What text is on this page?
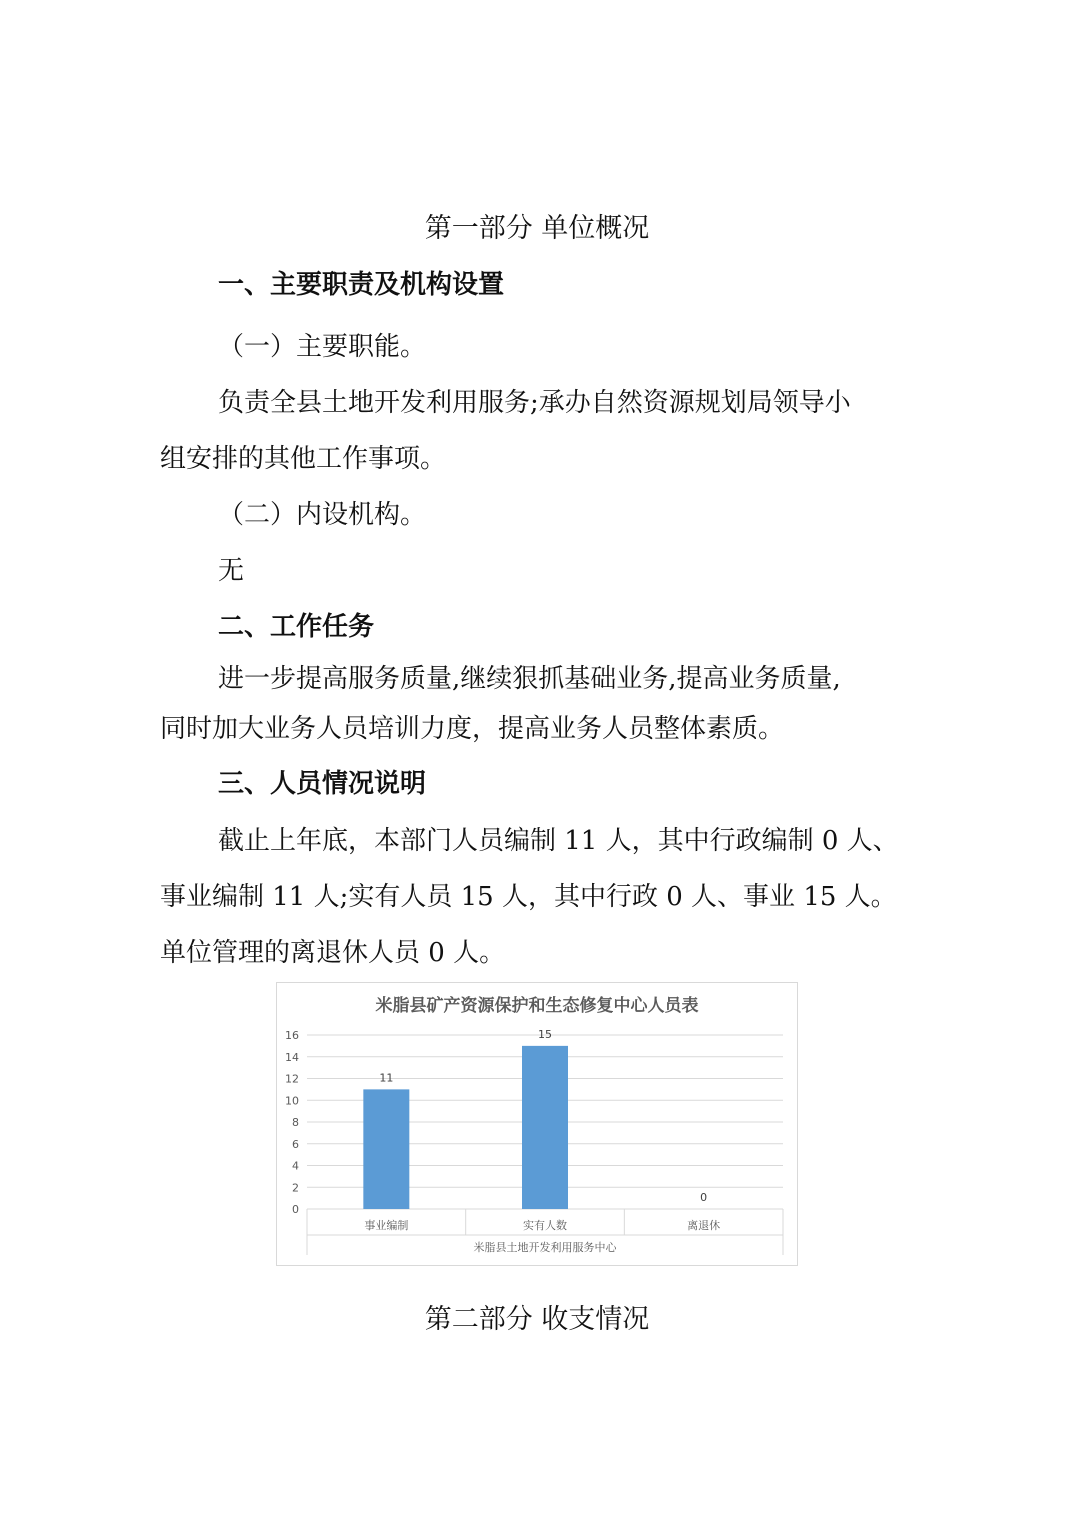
第一部分 单位概况
一、主要职责及机构设置
（一）主要职能。
负责全县土地开发利用服务;承办自然资源规划局领导小
组安排的其他工作事项。
（二）内设机构。
无
二、工作任务
进一步提高服务质量,继续狠抓基础业务,提高业务质量,
同时加大业务人员培训力度，提高业务人员整体素质。
三、人员情况说明
截止上年底，本部门人员编制 11 人，其中行政编制 0 人、
事业编制 11 人;实有人员 15 人，其中行政 0 人、事业 15 人。
单位管理的离退休人员 0 人。
米脂县矿产资源保护和生态修复中心人员表
0
2
4
6
8
10
12
14
16
11
15
0
事业编制	实有人数	离退休
米脂县土地开发利用服务中心
第二部分 收支情况
